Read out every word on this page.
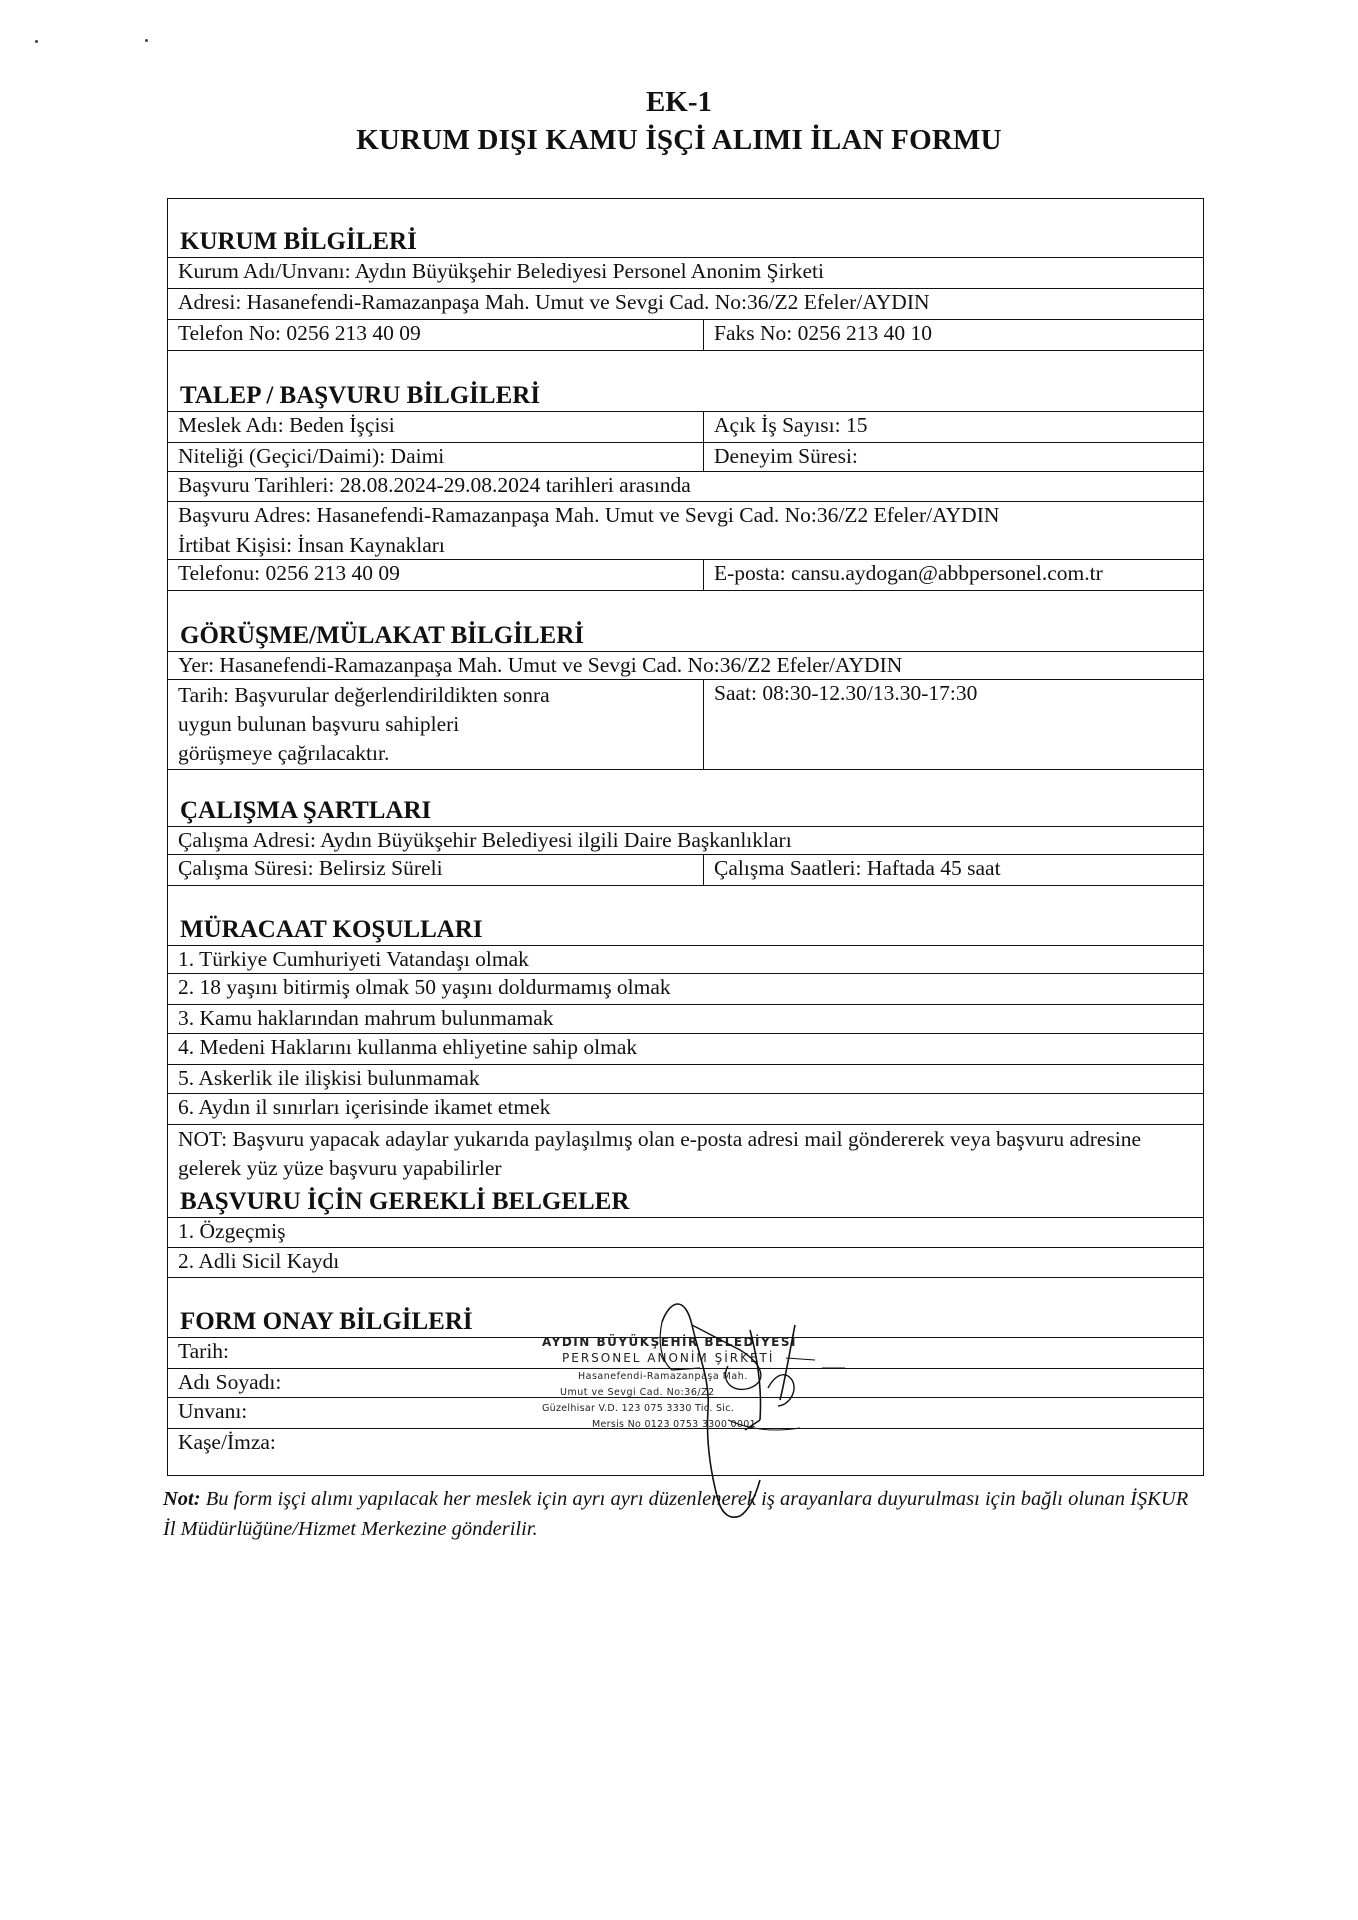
EK-1
KURUM DIŞI KAMU İŞÇİ ALIMI İLAN FORMU
KURUM BİLGİLERİ
Kurum Adı/Unvanı: Aydın Büyükşehir Belediyesi Personel Anonim Şirketi
Adresi: Hasanefendi-Ramazanpaşa Mah. Umut ve Sevgi Cad. No:36/Z2 Efeler/AYDIN
Telefon No: 0256 213 40 09	Faks No: 0256 213 40 10
TALEP / BAŞVURU BİLGİLERİ
Meslek Adı: Beden İşçisi	Açık İş Sayısı: 15
Niteliği (Geçici/Daimi): Daimi	Deneyim Süresi:
Başvuru Tarihleri: 28.08.2024-29.08.2024 tarihleri arasında
Başvuru Adres: Hasanefendi-Ramazanpaşa Mah. Umut ve Sevgi Cad. No:36/Z2 Efeler/AYDIN
İrtibat Kişisi: İnsan Kaynakları
Telefonu: 0256 213 40 09	E-posta: cansu.aydogan@abbpersonel.com.tr
GÖRÜŞME/MÜLAKAT BİLGİLERİ
Yer: Hasanefendi-Ramazanpaşa Mah. Umut ve Sevgi Cad. No:36/Z2 Efeler/AYDIN
Tarih: Başvurular değerlendirildikten sonra
uygun bulunan başvuru sahipleri
görüşmeye çağrılacaktır.
Saat: 08:30-12.30/13.30-17:30
ÇALIŞMA ŞARTLARI
Çalışma Adresi: Aydın Büyükşehir Belediyesi ilgili Daire Başkanlıkları
Çalışma Süresi: Belirsiz Süreli	Çalışma Saatleri: Haftada 45 saat
MÜRACAAT KOŞULLARI
1. Türkiye Cumhuriyeti Vatandaşı olmak
2. 18 yaşını bitirmiş olmak 50 yaşını doldurmamış olmak
3. Kamu haklarından mahrum bulunmamak
4. Medeni Haklarını kullanma ehliyetine sahip olmak
5. Askerlik ile ilişkisi bulunmamak
6. Aydın il sınırları içerisinde ikamet etmek
NOT: Başvuru yapacak adaylar yukarıda paylaşılmış olan e-posta adresi mail göndererek veya başvuru adresine gelerek yüz yüze başvuru yapabilirler
BAŞVURU İÇİN GEREKLİ BELGELER
1. Özgeçmiş
2. Adli Sicil Kaydı
FORM ONAY BİLGİLERİ
Tarih:
Adı Soyadı:
Unvanı:
Kaşe/İmza:
AYDIN BÜYÜKŞEHİR BELEDİYESİ
PERSONEL ANONİM ŞİRKETİ
Hasanefendi-Ramazanpaşa Mah.
Umut ve Sevgi Cad. No:36/Z2
Güzelhisar V.D. 123 075 3330 Tic. Sic.
Mersis No 0123 0753 3300 0001
Not: Bu form işçi alımı yapılacak her meslek için ayrı ayrı düzenlenerek iş arayanlara duyurulması için bağlı olunan İŞKUR İl Müdürlüğüne/Hizmet Merkezine gönderilir.
